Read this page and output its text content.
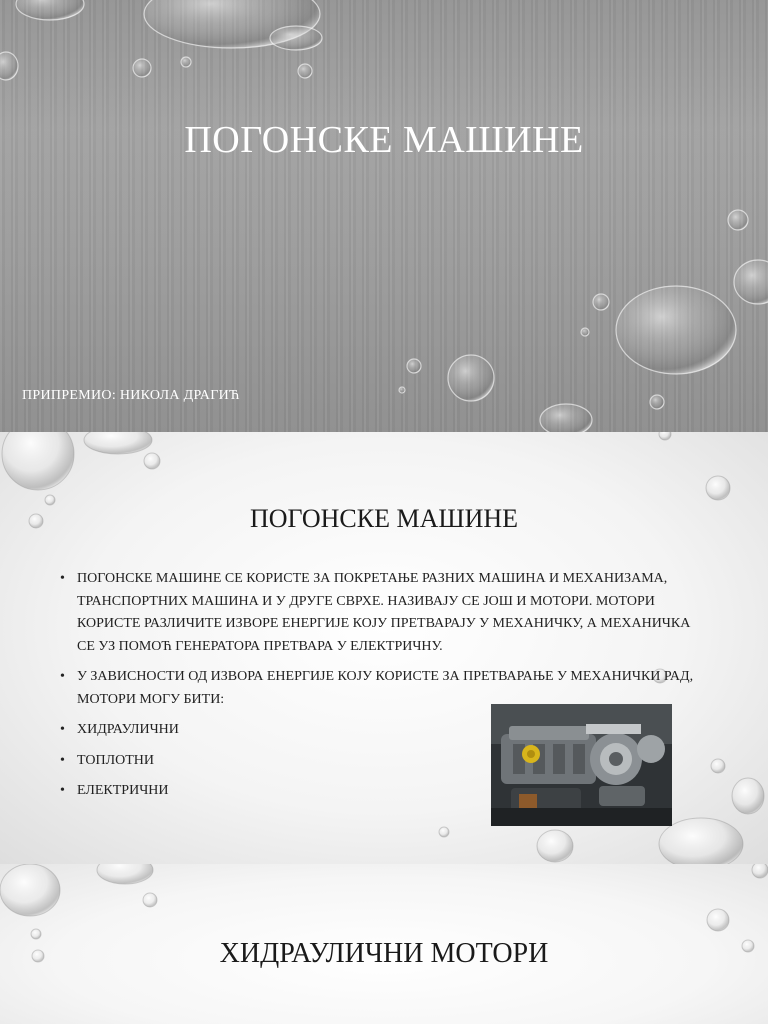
ПОГОНСКЕ МАШИНЕ
ПРИПРЕМИО: НИКОЛА ДРАГИЋ
ПОГОНСКЕ МАШИНЕ
• ПОГОНСКЕ МАШИНЕ СЕ КОРИСТЕ ЗА ПОКРЕТАЊЕ РАЗНИХ МАШИНА И МЕХАНИЗАМА, ТРАНСПОРТНИХ МАШИНА И У ДРУГЕ СВРХЕ. НАЗИВАЈУ СЕ ЈОШ И МОТОРИ. МОТОРИ КОРИСТЕ РАЗЛИЧИТЕ ИЗВОРЕ ЕНЕРГИЈЕ КОЈУ ПРЕТВАРАЈУ У МЕХАНИЧКУ, А МЕХАНИЧКА СЕ УЗ ПОМОЋ ГЕНЕРАТОРА ПРЕТВАРА У ЕЛЕКТРИЧНУ.
• У ЗАВИСНОСТИ ОД ИЗВОРА ЕНЕРГИЈЕ КОЈУ КОРИСТЕ ЗА ПРЕТВАРАЊЕ У МЕХАНИЧКИ РАД, МОТОРИ МОГУ БИТИ:
• ХИДРАУЛИЧНИ
• ТОПЛОТНИ
• ЕЛЕКТРИЧНИ
ХИДРАУЛИЧНИ МОТОРИ
